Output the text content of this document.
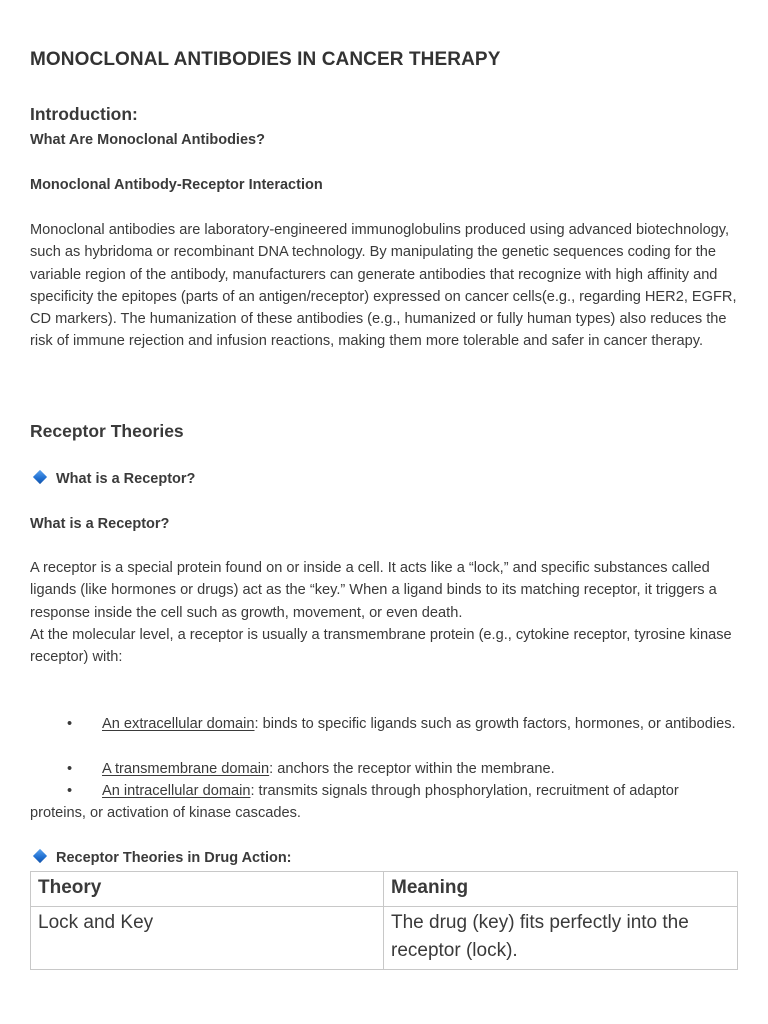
MONOCLONAL ANTIBODIES IN CANCER THERAPY
Introduction:
What Are Monoclonal Antibodies?
Monoclonal Antibody-Receptor Interaction

Monoclonal antibodies are laboratory-engineered immunoglobulins produced using advanced biotechnology, such as hybridoma or recombinant DNA technology. By manipulating the genetic sequences coding for the variable region of the antibody, manufacturers can generate antibodies that recognize with high affinity and specificity the epitopes (parts of an antigen/receptor) expressed on cancer cells(e.g., regarding HER2, EGFR, CD markers). The humanization of these antibodies (e.g., humanized or fully human types) also reduces the risk of immune rejection and infusion reactions, making them more tolerable and safer in cancer therapy.

Receptor Theories
What is a Receptor?
What is a Receptor?

A receptor is a special protein found on or inside a cell. It acts like a “lock,” and specific substances called ligands (like hormones or drugs) act as the “key.” When a ligand binds to its matching receptor, it triggers a response inside the cell such as growth, movement, or even death.

At the molecular level, a receptor is usually a transmembrane protein (e.g., cytokine receptor, tyrosine kinase receptor) with:

•	An extracellular domain: binds to specific ligands such as growth factors, hormones, or antibodies.
•	A transmembrane domain: anchors the receptor within the membrane.
•	An intracellular domain: transmits signals through phosphorylation, recruitment of adaptor proteins, or activation of kinase cascades.
Receptor Theories in Drug Action:
Theory	Meaning
Lock and Key	The drug (key) fits perfectly into the receptor (lock).
